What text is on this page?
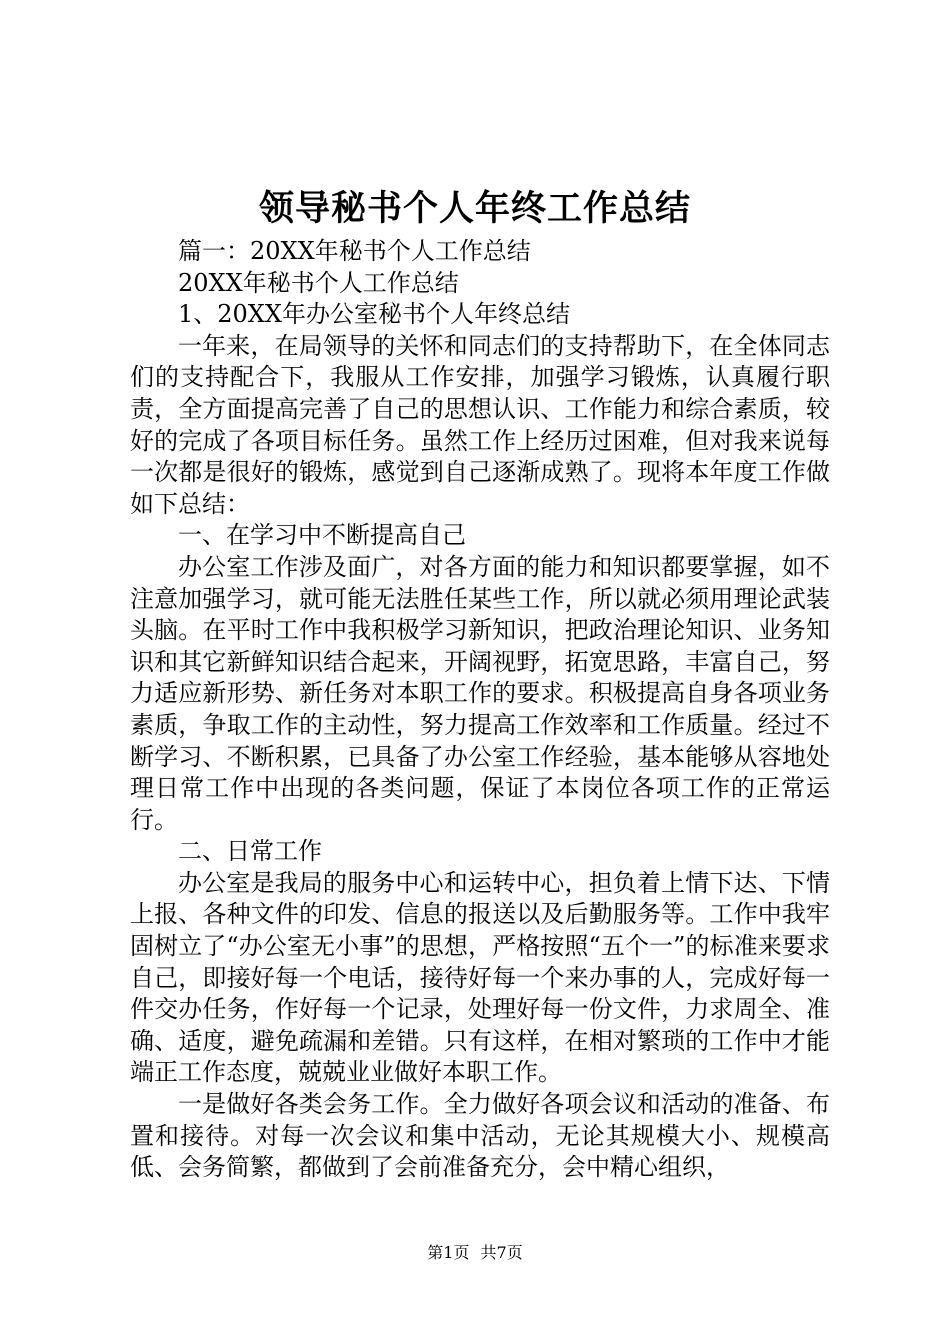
领导秘书个人年终工作总结

篇一：20XX年秘书个人工作总结

20XX年秘书个人工作总结

1、20XX年办公室秘书个人年终总结

一年来，在局领导的关怀和同志们的支持帮助下，在全体同志们的支持配合下，我服从工作安排，加强学习锻炼，认真履行职责，全方面提高完善了自己的思想认识、工作能力和综合素质，较好的完成了各项目标任务。虽然工作上经历过困难，但对我来说每一次都是很好的锻炼，感觉到自己逐渐成熟了。现将本年度工作做如下总结：

一、在学习中不断提高自己

办公室工作涉及面广，对各方面的能力和知识都要掌握，如不注意加强学习，就可能无法胜任某些工作，所以就必须用理论武装头脑。在平时工作中我积极学习新知识，把政治理论知识、业务知识和其它新鲜知识结合起来，开阔视野，拓宽思路，丰富自己，努力适应新形势、新任务对本职工作的要求。积极提高自身各项业务素质，争取工作的主动性，努力提高工作效率和工作质量。经过不断学习、不断积累，已具备了办公室工作经验，基本能够从容地处理日常工作中出现的各类问题，保证了本岗位各项工作的正常运行。

二、日常工作

办公室是我局的服务中心和运转中心，担负着上情下达、下情上报、各种文件的印发、信息的报送以及后勤服务等。工作中我牢固树立了“办公室无小事”的思想，严格按照“五个一”的标准来要求自己，即接好每一个电话，接待好每一个来办事的人，完成好每一件交办任务，作好每一个记录，处理好每一份文件，力求周全、准确、适度，避免疏漏和差错。只有这样，在相对繁琐的工作中才能端正工作态度，兢兢业业做好本职工作。

一是做好各类会务工作。全力做好各项会议和活动的准备、布置和接待。对每一次会议和集中活动，无论其规模大小、规模高低、会务简繁，都做到了会前准备充分，会中精心组织，

第1页 共7页
